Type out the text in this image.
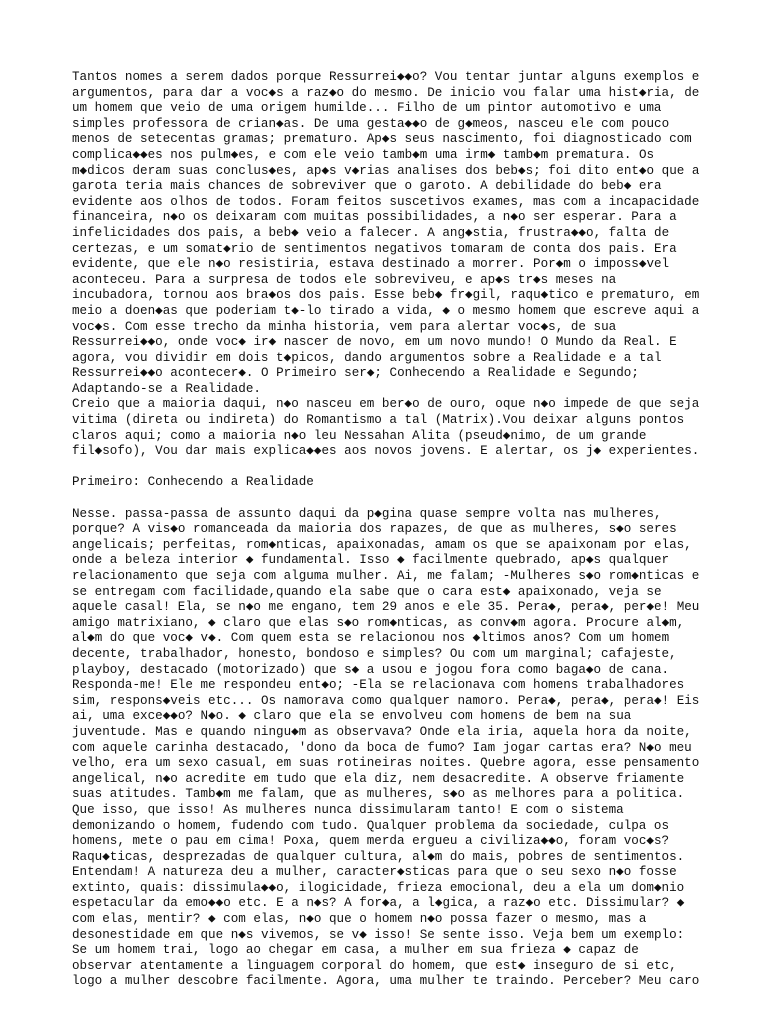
Tantos nomes a serem dados porque Ressurrei◆◆o? Vou tentar juntar alguns exemplos e
argumentos, para dar a voc◆s a raz◆o do mesmo. De inicio vou falar uma hist◆ria, de
um homem que veio de uma origem humilde... Filho de um pintor automotivo e uma
simples professora de crian◆as. De uma gesta◆◆o de g◆meos, nasceu ele com pouco
menos de setecentas gramas; prematuro. Ap◆s seus nascimento, foi diagnosticado com
complica◆◆es nos pulm◆es, e com ele veio tamb◆m uma irm◆ tamb◆m prematura. Os
m◆dicos deram suas conclus◆es, ap◆s v◆rias analises dos beb◆s; foi dito ent◆o que a
garota teria mais chances de sobreviver que o garoto. A debilidade do beb◆ era
evidente aos olhos de todos. Foram feitos suscetivos exames, mas com a incapacidade
financeira, n◆o os deixaram com muitas possibilidades, a n◆o ser esperar. Para a
infelicidades dos pais, a beb◆ veio a falecer. A ang◆stia, frustra◆◆o, falta de
certezas, e um somat◆rio de sentimentos negativos tomaram de conta dos pais. Era
evidente, que ele n◆o resistiria, estava destinado a morrer. Por◆m o imposs◆vel
aconteceu. Para a surpresa de todos ele sobreviveu, e ap◆s tr◆s meses na
incubadora, tornou aos bra◆os dos pais. Esse beb◆ fr◆gil, raqu◆tico e prematuro, em
meio a doen◆as que poderiam t◆-lo tirado a vida, ◆ o mesmo homem que escreve aqui a
voc◆s. Com esse trecho da minha historia, vem para alertar voc◆s, de sua
Ressurrei◆◆o, onde voc◆ ir◆ nascer de novo, em um novo mundo! O Mundo da Real. E
agora, vou dividir em dois t◆picos, dando argumentos sobre a Realidade e a tal
Ressurrei◆◆o acontecer◆. O Primeiro ser◆; Conhecendo a Realidade e Segundo;
Adaptando-se a Realidade.
Creio que a maioria daqui, n◆o nasceu em ber◆o de ouro, oque n◆o impede de que seja
vitima (direta ou indireta) do Romantismo a tal (Matrix).Vou deixar alguns pontos
claros aqui; como a maioria n◆o leu Nessahan Alita (pseud◆nimo, de um grande
fil◆sofo), Vou dar mais explica◆◆es aos novos jovens. E alertar, os j◆ experientes.
Primeiro: Conhecendo a Realidade
Nesse. passa-passa de assunto daqui da p◆gina quase sempre volta nas mulheres,
porque? A vis◆o romanceada da maioria dos rapazes, de que as mulheres, s◆o seres
angelicais; perfeitas, rom◆nticas, apaixonadas, amam os que se apaixonam por elas,
onde a beleza interior ◆ fundamental. Isso ◆ facilmente quebrado, ap◆s qualquer
relacionamento que seja com alguma mulher. Ai, me falam; -Mulheres s◆o rom◆nticas e
se entregam com facilidade,quando ela sabe que o cara est◆ apaixonado, veja se
aquele casal! Ela, se n◆o me engano, tem 29 anos e ele 35. Pera◆, pera◆, per◆e! Meu
amigo matrixiano, ◆ claro que elas s◆o rom◆nticas, as conv◆m agora. Procure al◆m,
al◆m do que voc◆ v◆. Com quem esta se relacionou nos ◆ltimos anos? Com um homem
decente, trabalhador, honesto, bondoso e simples? Ou com um marginal; cafajeste,
playboy, destacado (motorizado) que s◆ a usou e jogou fora como baga◆o de cana.
Responda-me! Ele me respondeu ent◆o; -Ela se relacionava com homens trabalhadores
sim, respons◆veis etc... Os namorava como qualquer namoro. Pera◆, pera◆, pera◆! Eis
ai, uma exce◆◆o? N◆o. ◆ claro que ela se envolveu com homens de bem na sua
juventude. Mas e quando ningu◆m as observava? Onde ela iria, aquela hora da noite,
com aquele carinha destacado, 'dono da boca de fumo? Iam jogar cartas era? N◆o meu
velho, era um sexo casual, em suas rotineiras noites. Quebre agora, esse pensamento
angelical, n◆o acredite em tudo que ela diz, nem desacredite. A observe friamente
suas atitudes. Tamb◆m me falam, que as mulheres, s◆o as melhores para a politica.
Que isso, que isso! As mulheres nunca dissimularam tanto! E com o sistema
demonizando o homem, fudendo com tudo. Qualquer problema da sociedade, culpa os
homens, mete o pau em cima! Poxa, quem merda ergueu a civiliza◆◆o, foram voc◆s?
Raqu◆ticas, desprezadas de qualquer cultura, al◆m do mais, pobres de sentimentos.
Entendam! A natureza deu a mulher, caracter◆sticas para que o seu sexo n◆o fosse
extinto, quais: dissimula◆◆o, ilogicidade, frieza emocional, deu a ela um dom◆nio
espetacular da emo◆◆o etc. E a n◆s? A for◆a, a l◆gica, a raz◆o etc. Dissimular? ◆
com elas, mentir? ◆ com elas, n◆o que o homem n◆o possa fazer o mesmo, mas a
desonestidade em que n◆s vivemos, se v◆ isso! Se sente isso. Veja bem um exemplo:
Se um homem trai, logo ao chegar em casa, a mulher em sua frieza ◆ capaz de
observar atentamente a linguagem corporal do homem, que est◆ inseguro de si etc,
logo a mulher descobre facilmente. Agora, uma mulher te traindo. Perceber? Meu caro
